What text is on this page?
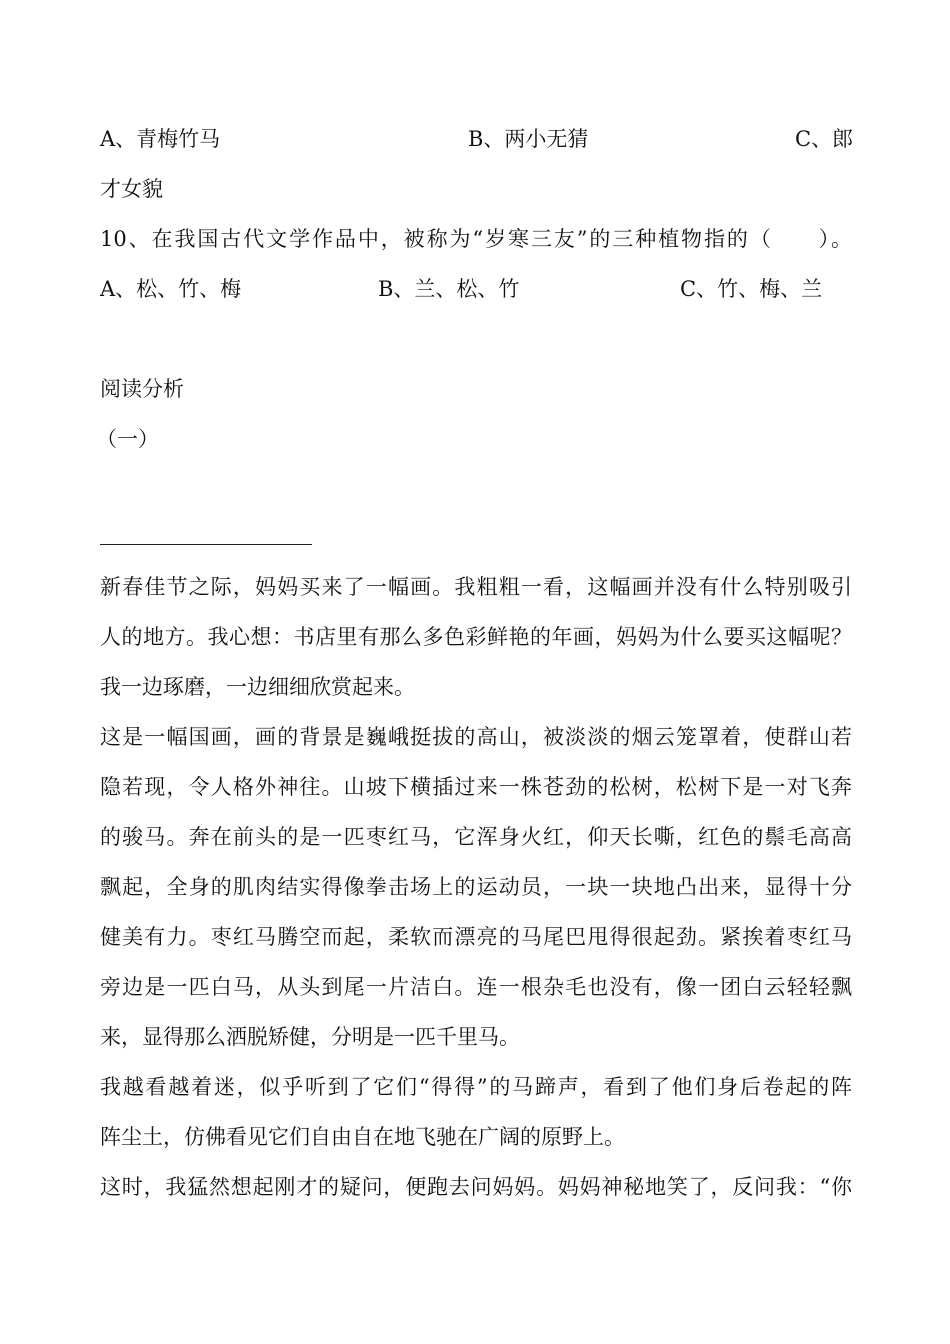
A、青梅竹马	B、两小无猜	C、郎
才女貌
10、在我国古代文学作品中，被称为“岁寒三友”的三种植物指的（　　）。
A、松、竹、梅	B、兰、松、竹	C、竹、梅、兰
阅读分析
（一）
新春佳节之际，妈妈买来了一幅画。我粗粗一看，这幅画并没有什么特别吸引
人的地方。我心想：书店里有那么多色彩鲜艳的年画，妈妈为什么要买这幅呢？
我一边琢磨，一边细细欣赏起来。
这是一幅国画，画的背景是巍峨挺拔的高山，被淡淡的烟云笼罩着，使群山若
隐若现，令人格外神往。山坡下横插过来一株苍劲的松树，松树下是一对飞奔
的骏马。奔在前头的是一匹枣红马，它浑身火红，仰天长嘶，红色的鬃毛高高
飘起，全身的肌肉结实得像拳击场上的运动员，一块一块地凸出来，显得十分
健美有力。枣红马腾空而起，柔软而漂亮的马尾巴甩得很起劲。紧挨着枣红马
旁边是一匹白马，从头到尾一片洁白。连一根杂毛也没有，像一团白云轻轻飘
来，显得那么洒脱矫健，分明是一匹千里马。
我越看越着迷，似乎听到了它们“得得”的马蹄声，看到了他们身后卷起的阵
阵尘土，仿佛看见它们自由自在地飞驰在广阔的原野上。
这时，我猛然想起刚才的疑问，便跑去问妈妈。妈妈神秘地笑了，反问我：“你
